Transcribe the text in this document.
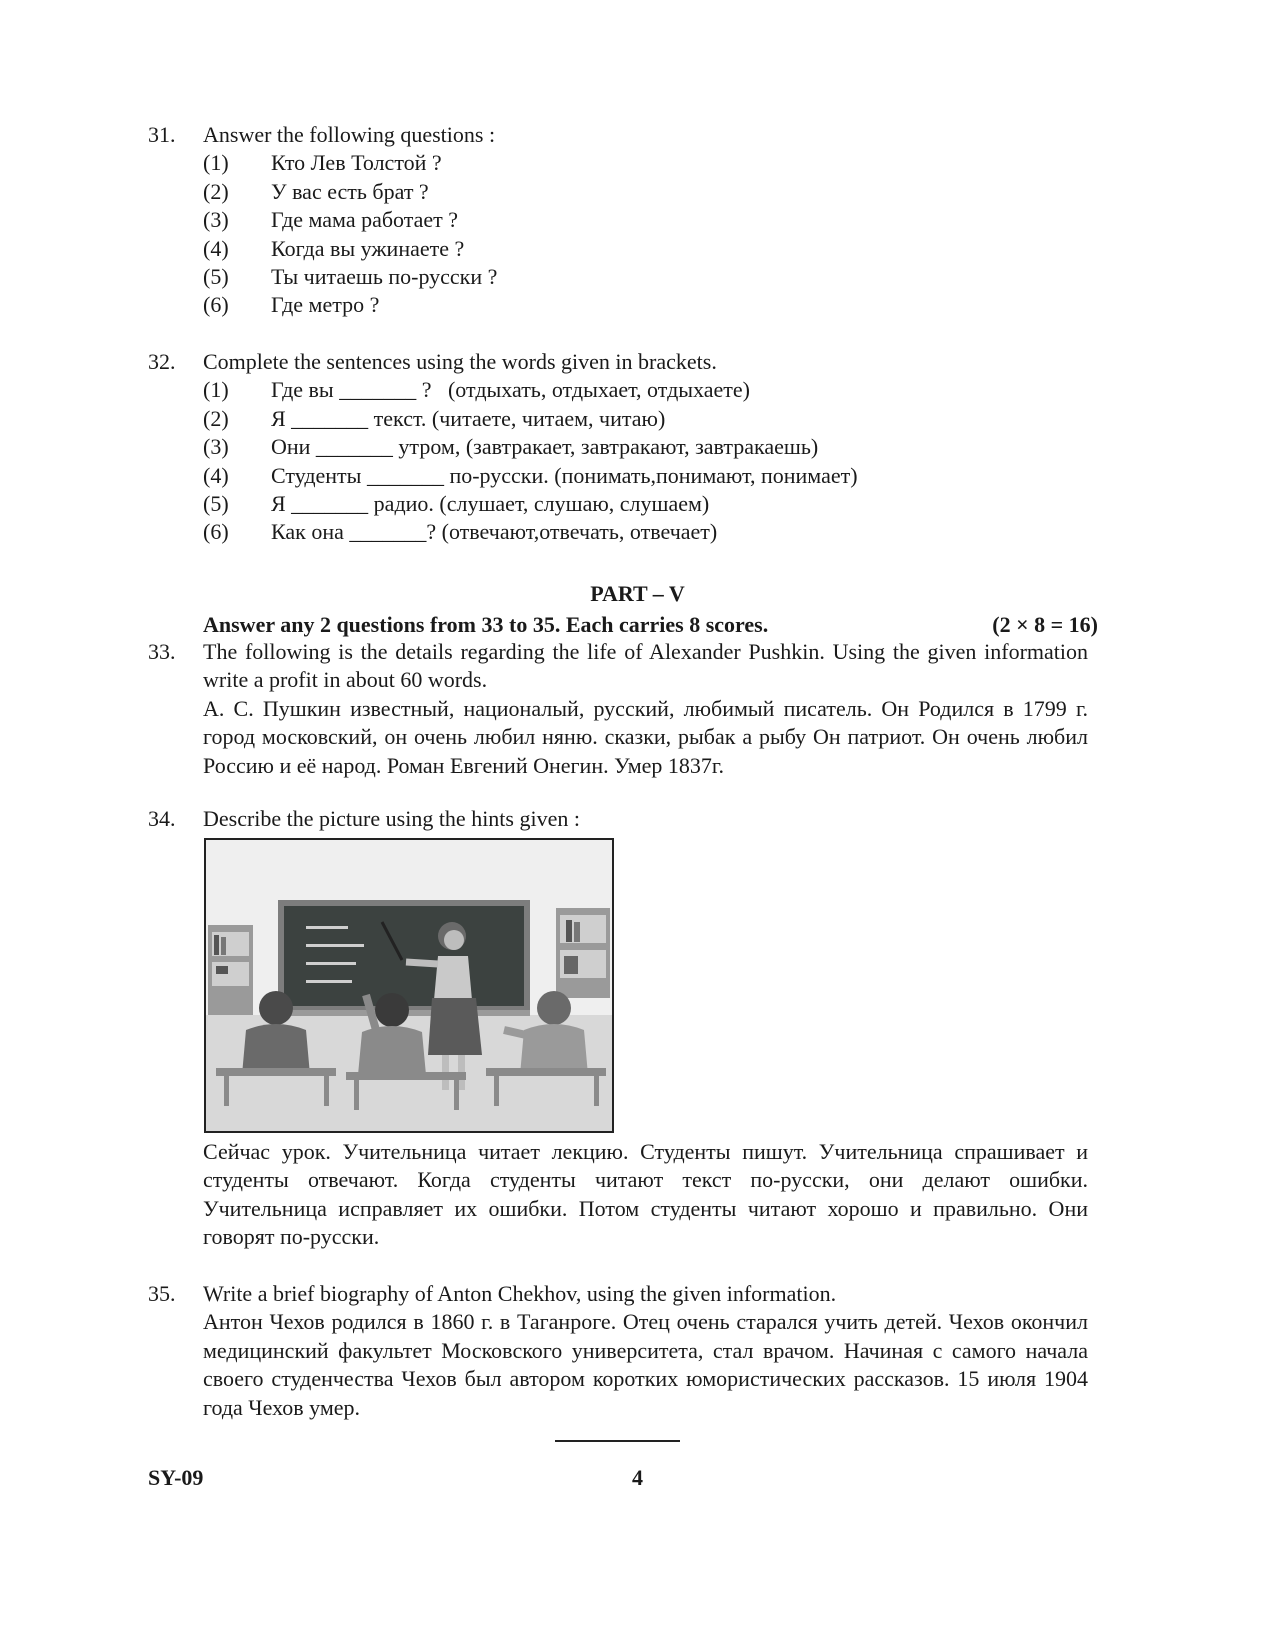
31.	Answer the following questions :
(1)	Кто Лев Толстой ?
(2)	У вас есть брат ?
(3)	Где мама работает ?
(4)	Когда вы ужинаете ?
(5)	Ты читаешь по-русски ?
(6)	Где метро ?
32.	Complete the sentences using the words given in brackets.
(1)	Где вы _______ ?   (отдыхать, отдыхает, отдыхаете)
(2)	Я _______ текст. (читаете, читаем, читаю)
(3)	Они _______ утром, (завтракает, завтракают, завтракаешь)
(4)	Студенты _______ по-русски. (понимать,понимают, понимает)
(5)	Я _______ радио. (слушает, слушаю, слушаем)
(6)	Как она _______? (отвечают,отвечать, отвечает)
PART – V
Answer any 2 questions from 33 to 35. Each carries 8 scores.	(2 × 8 = 16)
33.	The following is the details regarding the life of Alexander Pushkin. Using the given information write a profit in about 60 words.
А. С. Пушкин известный, националый, русский, любимый писатель. Он Родился в 1799 г. город московский, он очень любил няню. сказки, рыбак а рыбу Он патриот. Он очень любил Россию и её народ. Роман Евгений Онегин. Умер 1837г.
34.	Describe the picture using the hints given :
Сейчас урок. Учительница читает лекцию. Студенты пишут. Учительница спрашивает и студенты отвечают. Когда студенты читают текст по-русски, они делают ошибки. Учительница исправляет их ошибки. Потом студенты читают хорошо и правильно. Они говорят по-русски.
35.	Write a brief biography of Anton Chekhov, using the given information.
Антон Чехов родился в 1860 г. в Таганроге. Отец очень старался учить детей. Чехов окончил медицинский факультет Московского университета, стал врачом. Начиная с самого начала своего студенчества Чехов был автором коротких юмористических рассказов. 15 июля 1904 года Чехов умер.
SY-09	4
